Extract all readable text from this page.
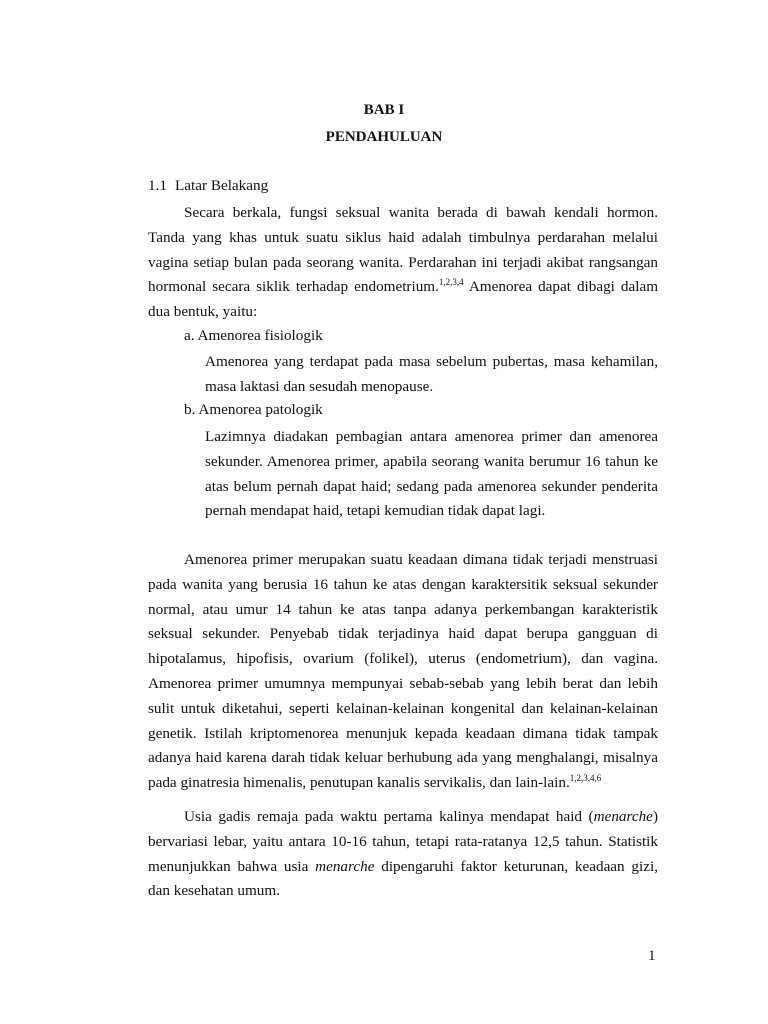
BAB I

PENDAHULUAN

1.1 Latar Belakang

Secara berkala, fungsi seksual wanita berada di bawah kendali hormon. Tanda yang khas untuk suatu siklus haid adalah timbulnya perdarahan melalui vagina setiap bulan pada seorang wanita. Perdarahan ini terjadi akibat rangsangan hormonal secara siklik terhadap endometrium.$^{1,2,3,4}$ Amenorea dapat dibagi dalam dua bentuk, yaitu:

a. Amenorea fisiologik

Amenorea yang terdapat pada masa sebelum pubertas, masa kehamilan, masa laktasi dan sesudah menopause.

b. Amenorea patologik

Lazimnya diadakan pembagian antara amenorea primer dan amenorea sekunder. Amenorea primer, apabila seorang wanita berumur 16 tahun ke atas belum pernah dapat haid; sedang pada amenorea sekunder penderita pernah mendapat haid, tetapi kemudian tidak dapat lagi.

Amenorea primer merupakan suatu keadaan dimana tidak terjadi menstruasi pada wanita yang berusia 16 tahun ke atas dengan karaktersitik seksual sekunder normal, atau umur 14 tahun ke atas tanpa adanya perkembangan karakteristik seksual sekunder. Penyebab tidak terjadinya haid dapat berupa gangguan di hipotalamus, hipofisis, ovarium (folikel), uterus (endometrium), dan vagina. Amenorea primer umumnya mempunyai sebab-sebab yang lebih berat dan lebih sulit untuk diketahui, seperti kelainan-kelainan kongenital dan kelainan-kelainan genetik. Istilah kriptomenorea menunjuk kepada keadaan dimana tidak tampak adanya haid karena darah tidak keluar berhubung ada yang menghalangi, misalnya pada ginatresia himenalis, penutupan kanalis servikalis, dan lain-lain.$^{1,2,3,4,6}$

Usia gadis remaja pada waktu pertama kalinya mendapat haid (menarche) bervariasi lebar, yaitu antara 10-16 tahun, tetapi rata-ratanya 12,5 tahun. Statistik menunjukkan bahwa usia menarche dipengaruhi faktor keturunan, keadaan gizi, dan kesehatan umum.

1
